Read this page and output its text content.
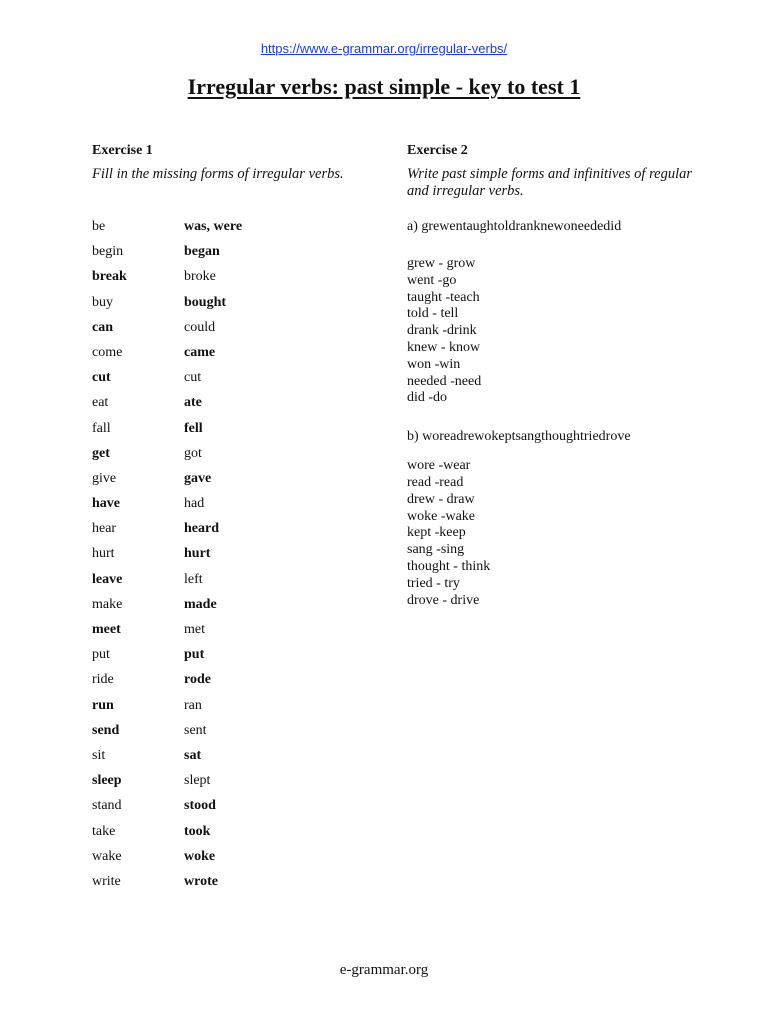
https://www.e-grammar.org/irregular-verbs/
Irregular verbs: past simple - key to test 1
Exercise 1
Fill in the missing forms of irregular verbs.
Exercise 2
Write past simple forms and infinitives of regular and irregular verbs.
be	was, were
begin	began
break	broke
buy	bought
can	could
come	came
cut	cut
eat	ate
fall	fell
get	got
give	gave
have	had
hear	heard
hurt	hurt
leave	left
make	made
meet	met
put	put
ride	rode
run	ran
send	sent
sit	sat
sleep	slept
stand	stood
take	took
wake	woke
write	wrote
a) grewentaughtoldranknewoneededid
grew - grow
went -go
taught -teach
told - tell
drank -drink
knew - know
won -win
needed -need
did -do
b) woreadrewokeptsangthoughtriedrove
wore -wear
read -read
drew - draw
woke -wake
kept -keep
sang -sing
thought - think
tried - try
drove - drive
e-grammar.org
